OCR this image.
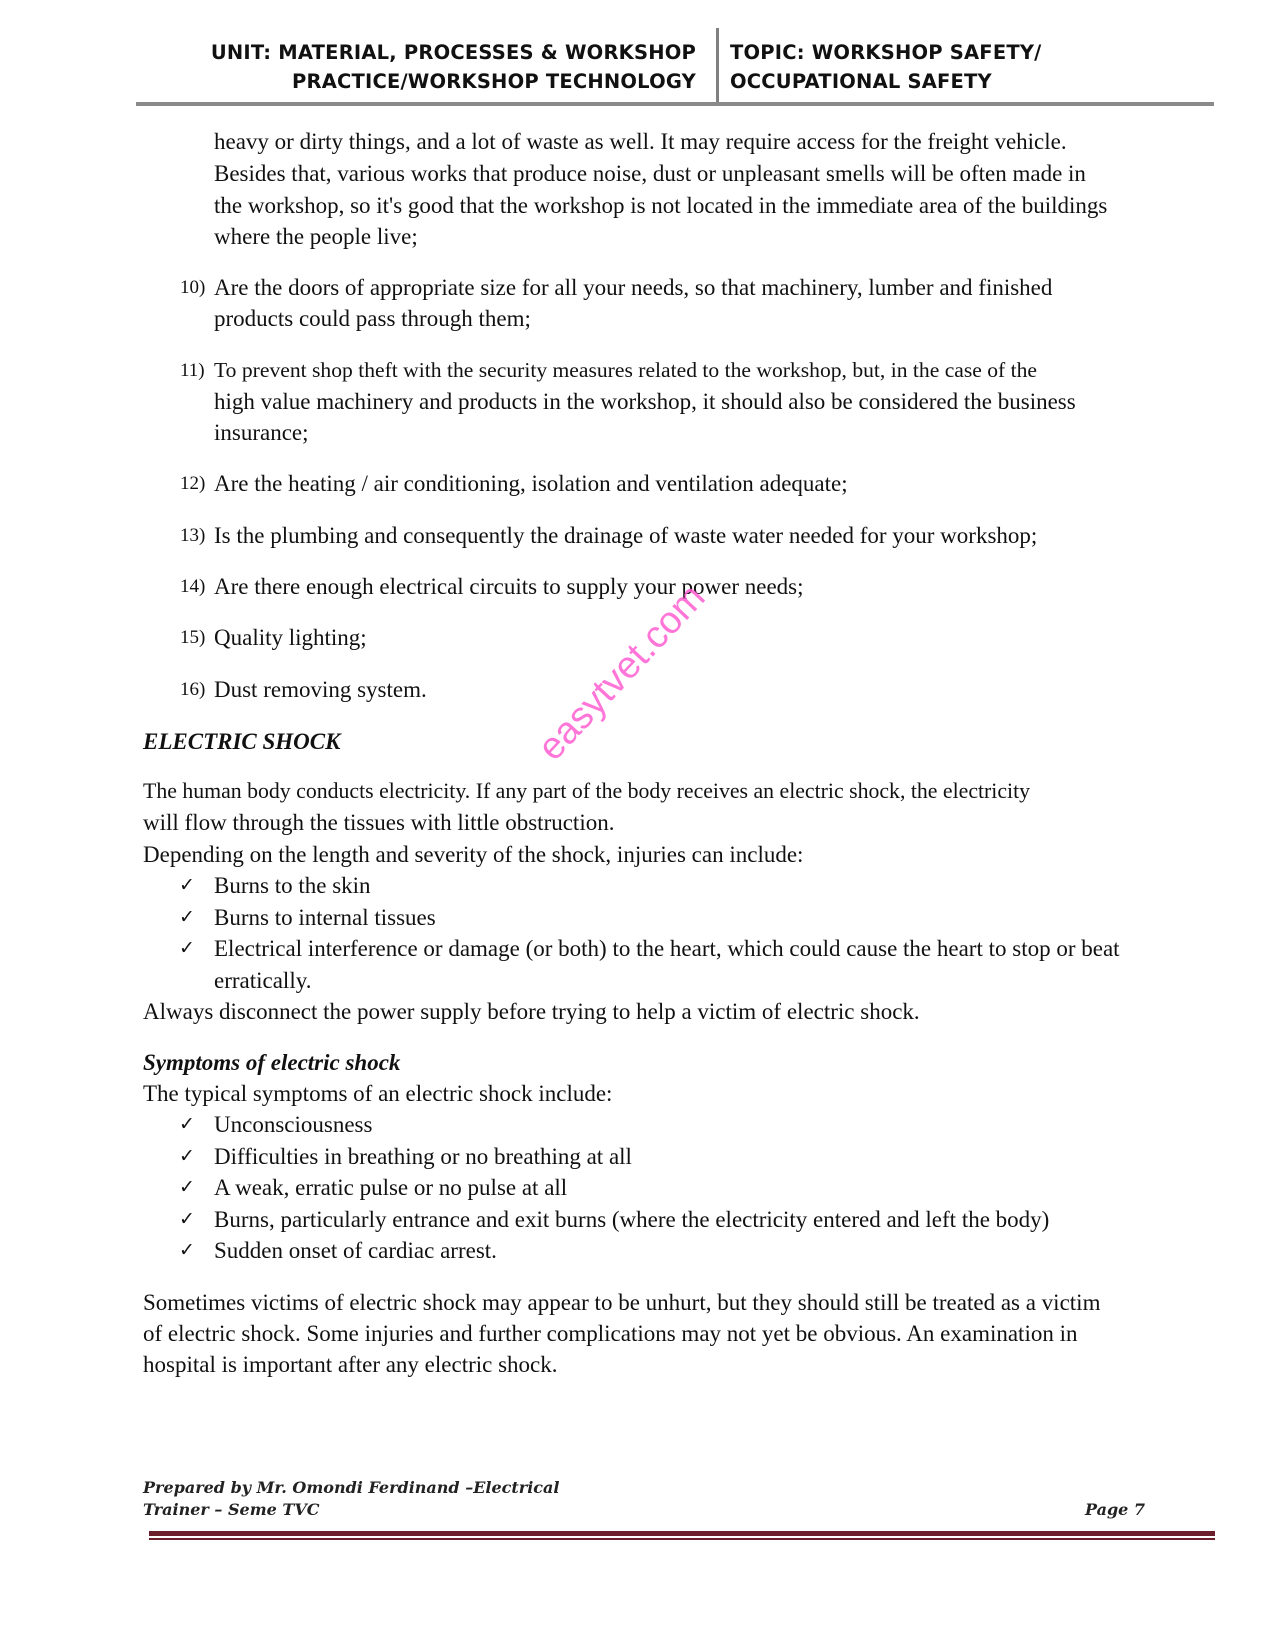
UNIT: MATERIAL, PROCESSES & WORKSHOP
PRACTICE/WORKSHOP TECHNOLOGY
TOPIC: WORKSHOP SAFETY/
OCCUPATIONAL SAFETY
heavy or dirty things, and a lot of waste as well. It may require access for the freight vehicle.
Besides that, various works that produce noise, dust or unpleasant smells will be often made in
the workshop, so it's good that the workshop is not located in the immediate area of the buildings
where the people live;
10) Are the doors of appropriate size for all your needs, so that machinery, lumber and finished
products could pass through them;
11) To prevent shop theft with the security measures related to the workshop, but, in the case of the
high value machinery and products in the workshop, it should also be considered the business
insurance;
12) Are the heating / air conditioning, isolation and ventilation adequate;
13) Is the plumbing and consequently the drainage of waste water needed for your workshop;
14) Are there enough electrical circuits to supply your power needs;
15) Quality lighting;
16) Dust removing system.
ELECTRIC SHOCK
The human body conducts electricity. If any part of the body receives an electric shock, the electricity
will flow through the tissues with little obstruction.
Depending on the length and severity of the shock, injuries can include:
✓ Burns to the skin
✓ Burns to internal tissues
✓ Electrical interference or damage (or both) to the heart, which could cause the heart to stop or beat
erratically.
Always disconnect the power supply before trying to help a victim of electric shock.
Symptoms of electric shock
The typical symptoms of an electric shock include:
✓ Unconsciousness
✓ Difficulties in breathing or no breathing at all
✓ A weak, erratic pulse or no pulse at all
✓ Burns, particularly entrance and exit burns (where the electricity entered and left the body)
✓ Sudden onset of cardiac arrest.
Sometimes victims of electric shock may appear to be unhurt, but they should still be treated as a victim
of electric shock. Some injuries and further complications may not yet be obvious. An examination in
hospital is important after any electric shock.
easytvet.com
Prepared by Mr. Omondi Ferdinand –Electrical
Trainer – Seme TVC	Page 7
